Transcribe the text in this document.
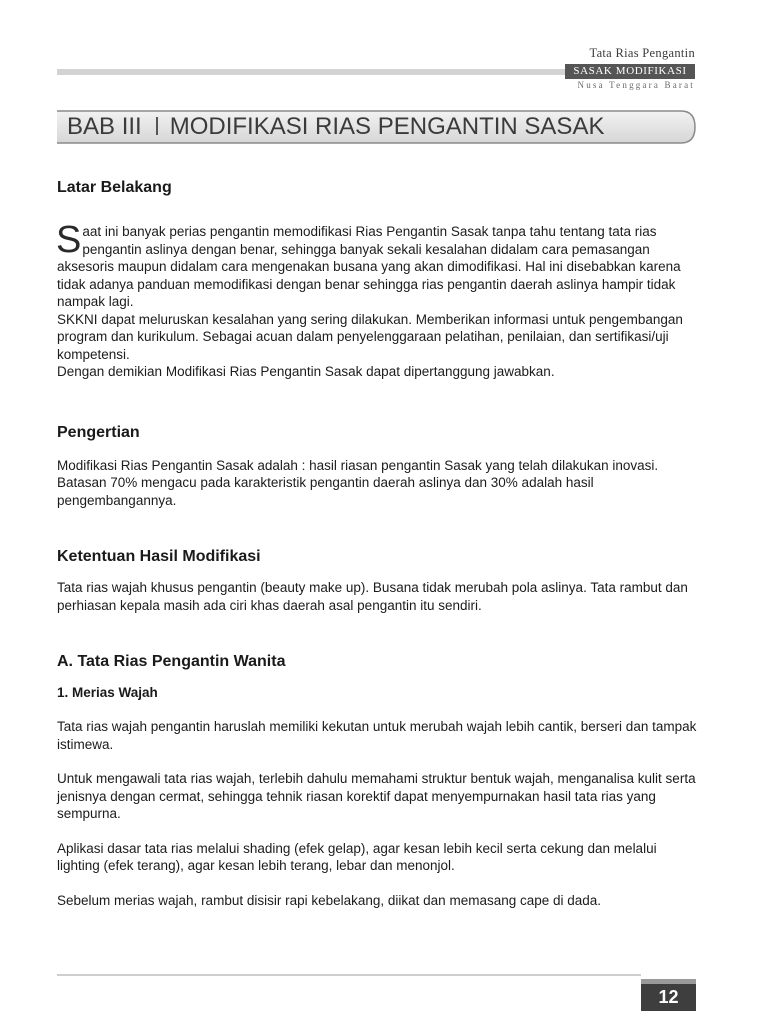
Tata Rias Pengantin
SASAK MODIFIKASI
Nusa Tenggara Barat
BAB III MODIFIKASI RIAS PENGANTIN SASAK
Latar Belakang

Saat ini banyak perias pengantin memodifikasi Rias Pengantin Sasak tanpa tahu tentang tata rias pengantin aslinya dengan benar, sehingga banyak sekali kesalahan didalam cara pemasangan aksesoris maupun didalam cara mengenakan busana yang akan dimodifikasi. Hal ini disebabkan karena tidak adanya panduan memodifikasi dengan benar sehingga rias pengantin daerah aslinya hampir tidak nampak lagi.

SKKNI dapat meluruskan kesalahan yang sering dilakukan. Memberikan informasi untuk pengembangan program dan kurikulum. Sebagai acuan dalam penyelenggaraan pelatihan, penilaian, dan sertifikasi/uji kompetensi.

Dengan demikian Modifikasi Rias Pengantin Sasak dapat dipertanggung jawabkan.

Pengertian

Modifikasi Rias Pengantin Sasak adalah : hasil riasan pengantin Sasak yang telah dilakukan inovasi. Batasan 70% mengacu pada karakteristik pengantin daerah aslinya dan 30% adalah hasil pengembangannya.

Ketentuan Hasil Modifikasi

Tata rias wajah khusus pengantin (beauty make up). Busana tidak merubah pola aslinya. Tata rambut dan perhiasan kepala masih ada ciri khas daerah asal pengantin itu sendiri.

A. Tata Rias Pengantin Wanita
1. Merias Wajah

Tata rias wajah pengantin haruslah memiliki kekutan untuk merubah wajah lebih cantik, berseri dan tampak istimewa.

Untuk mengawali tata rias wajah, terlebih dahulu memahami struktur bentuk wajah, menganalisa kulit serta jenisnya dengan cermat, sehingga tehnik riasan korektif dapat menyempurnakan hasil tata rias yang sempurna.

Aplikasi dasar tata rias melalui shading (efek gelap), agar kesan lebih kecil serta cekung dan melalui lighting (efek terang), agar kesan lebih terang, lebar dan menonjol.

Sebelum merias wajah, rambut disisir rapi kebelakang, diikat dan memasang cape di dada.

12
